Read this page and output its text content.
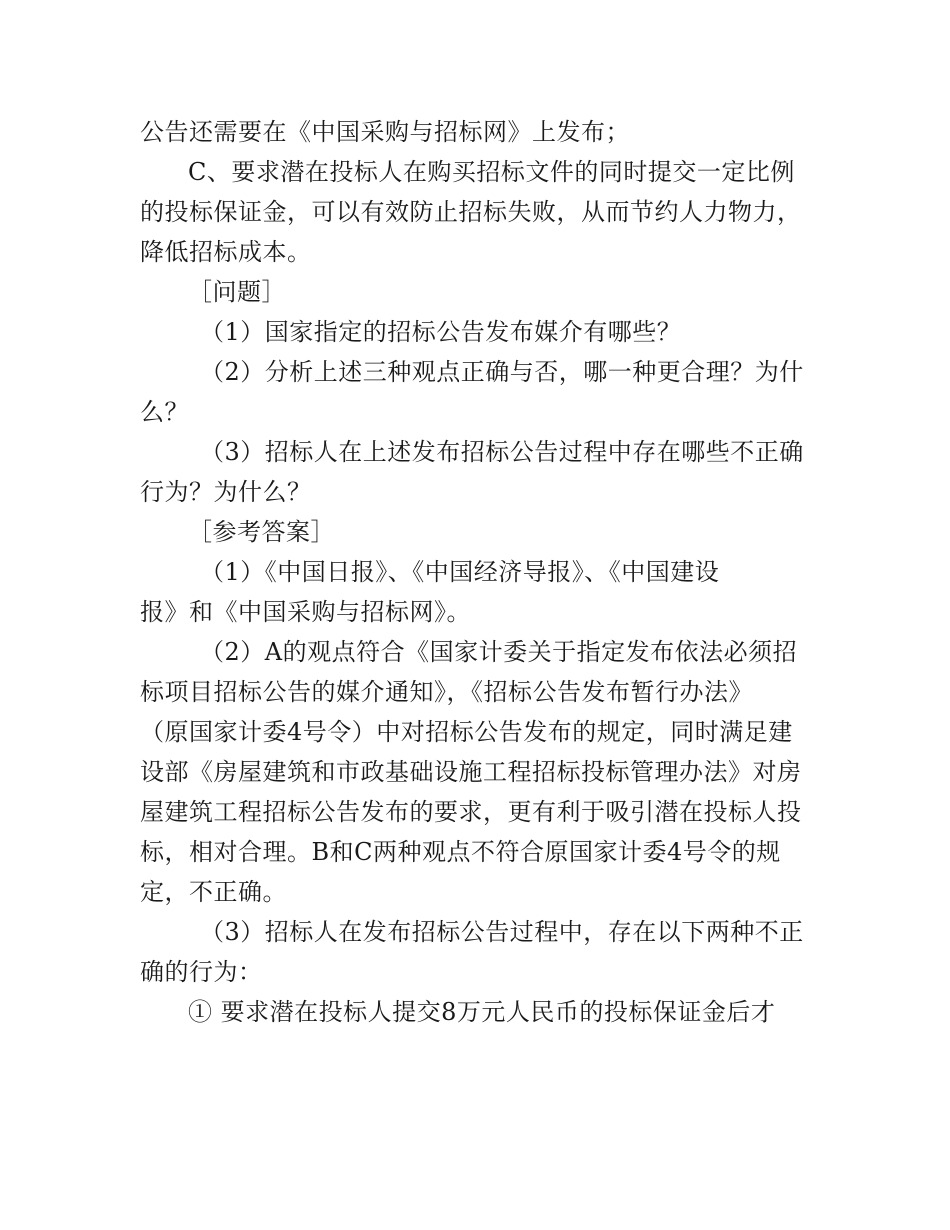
公告还需要在《中国采购与招标网》上发布；
C、要求潜在投标人在购买招标文件的同时提交一定比例
的投标保证金，可以有效防止招标失败，从而节约人力物力，
降低招标成本。
［问题］
（1）国家指定的招标公告发布媒介有哪些？
（2）分析上述三种观点正确与否，哪一种更合理？为什
么？
（3）招标人在上述发布招标公告过程中存在哪些不正确
行为？为什么？
［参考答案］
（1）《中国日报》、《中国经济导报》、《中国建设
报》和《中国采购与招标网》。
（2）A的观点符合《国家计委关于指定发布依法必须招
标项目招标公告的媒介通知》，《招标公告发布暂行办法》
（原国家计委4号令）中对招标公告发布的规定，同时满足建
设部《房屋建筑和市政基础设施工程招标投标管理办法》对房
屋建筑工程招标公告发布的要求，更有利于吸引潜在投标人投
标，相对合理。B和C两种观点不符合原国家计委4号令的规
定，不正确。
（3）招标人在发布招标公告过程中，存在以下两种不正
确的行为：
① 要求潜在投标人提交8万元人民币的投标保证金后才
